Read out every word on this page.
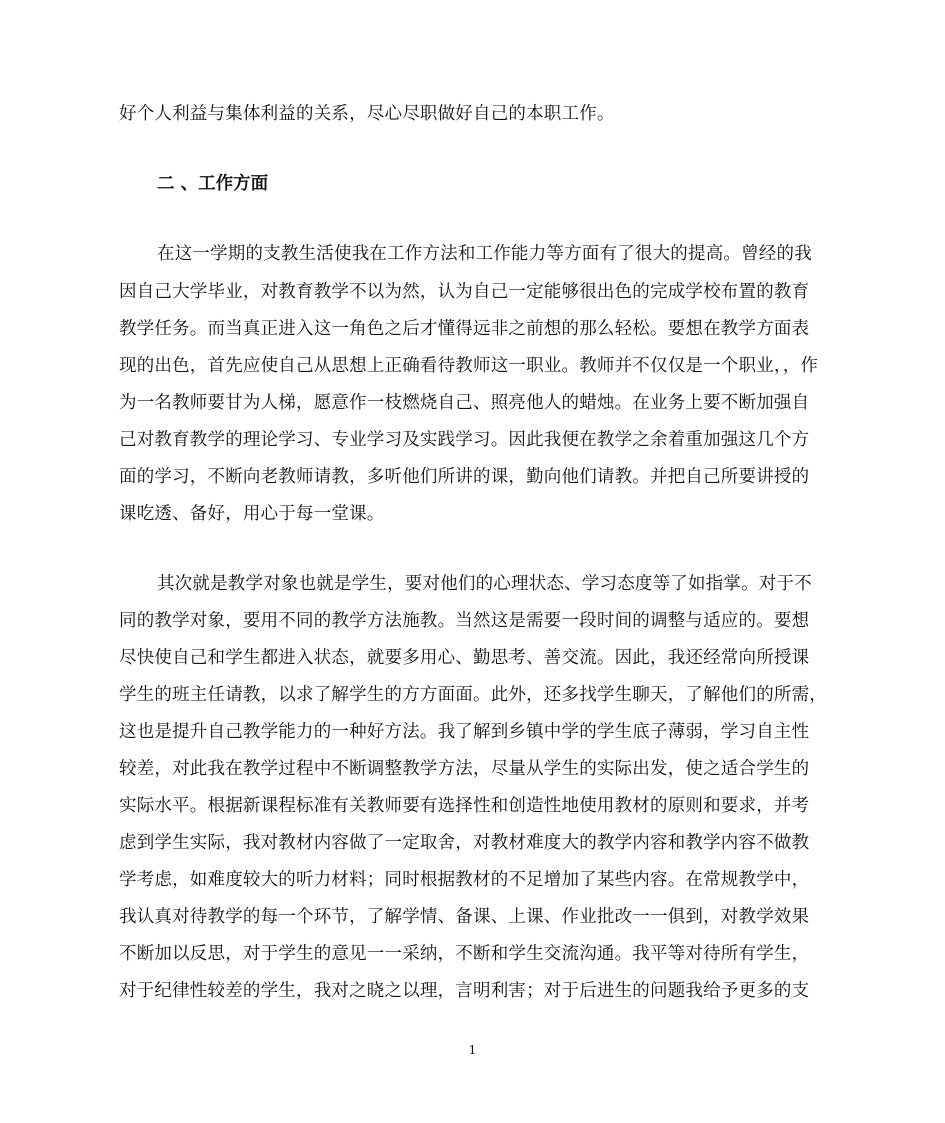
好个人利益与集体利益的关系，尽心尽职做好自己的本职工作。
二 、工作方面
在这一学期的支教生活使我在工作方法和工作能力等方面有了很大的提高。曾经的我
因自己大学毕业，对教育教学不以为然，认为自己一定能够很出色的完成学校布置的教育
教学任务。而当真正进入这一角色之后才懂得远非之前想的那么轻松。要想在教学方面表
现的出色，首先应使自己从思想上正确看待教师这一职业。教师并不仅仅是一个职业，，作
为一名教师要甘为人梯，愿意作一枝燃烧自己、照亮他人的蜡烛。在业务上要不断加强自
己对教育教学的理论学习、专业学习及实践学习。因此我便在教学之余着重加强这几个方
面的学习，不断向老教师请教，多听他们所讲的课，勤向他们请教。并把自己所要讲授的
课吃透、备好，用心于每一堂课。
其次就是教学对象也就是学生，要对他们的心理状态、学习态度等了如指掌。对于不
同的教学对象，要用不同的教学方法施教。当然这是需要一段时间的调整与适应的。要想
尽快使自己和学生都进入状态，就要多用心、勤思考、善交流。因此，我还经常向所授课
学生的班主任请教，以求了解学生的方方面面。此外，还多找学生聊天，了解他们的所需，
这也是提升自己教学能力的一种好方法。我了解到乡镇中学的学生底子薄弱，学习自主性
较差，对此我在教学过程中不断调整教学方法，尽量从学生的实际出发，使之适合学生的
实际水平。根据新课程标准有关教师要有选择性和创造性地使用教材的原则和要求，并考
虑到学生实际，我对教材内容做了一定取舍，对教材难度大的教学内容和教学内容不做教
学考虑，如难度较大的听力材料；同时根据教材的不足增加了某些内容。在常规教学中，
我认真对待教学的每一个环节，了解学情、备课、上课、作业批改一一俱到，对教学效果
不断加以反思，对于学生的意见一一采纳，不断和学生交流沟通。我平等对待所有学生，
对于纪律性较差的学生，我对之晓之以理，言明利害；对于后进生的问题我给予更多的支
1
